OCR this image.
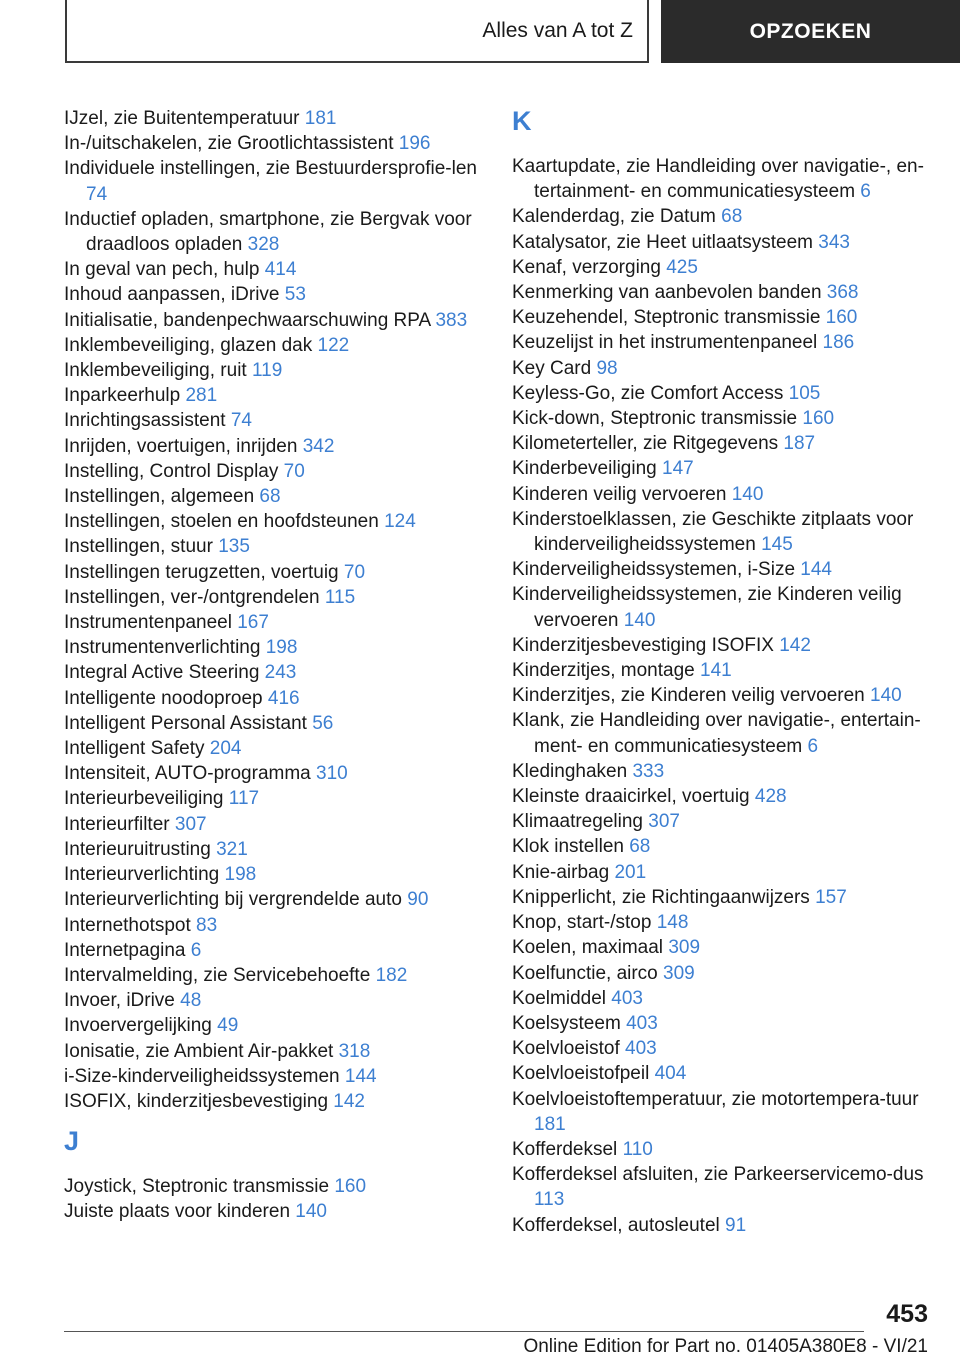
Alles van A tot Z	OPZOEKEN
IJzel, zie Buitentemperatuur 181
In-/uitschakelen, zie Grootlichtassistent 196
Individuele instellingen, zie Bestuurdersprofie-len 74
Inductief opladen, smartphone, zie Bergvak voor draadloos opladen 328
In geval van pech, hulp 414
Inhoud aanpassen, iDrive 53
Initialisatie, bandenpechwaarschuwing RPA 383
Inklembeveiliging, glazen dak 122
Inklembeveiliging, ruit 119
Inparkeerhulp 281
Inrichtingsassistent 74
Inrijden, voertuigen, inrijden 342
Instelling, Control Display 70
Instellingen, algemeen 68
Instellingen, stoelen en hoofdsteunen 124
Instellingen, stuur 135
Instellingen terugzetten, voertuig 70
Instellingen, ver-/ontgrendelen 115
Instrumentenpaneel 167
Instrumentenverlichting 198
Integral Active Steering 243
Intelligente noodoproep 416
Intelligent Personal Assistant 56
Intelligent Safety 204
Intensiteit, AUTO-programma 310
Interieurbeveiliging 117
Interieurfilter 307
Interieuruitrusting 321
Interieurverlichting 198
Interieurverlichting bij vergrendelde auto 90
Internethotspot 83
Internetpagina 6
Intervalmelding, zie Servicebehoefte 182
Invoer, iDrive 48
Invoervergelijking 49
Ionisatie, zie Ambient Air-pakket 318
i-Size-kinderveiligheidssystemen 144
ISOFIX, kinderzitjesbevestiging 142
J
Joystick, Steptronic transmissie 160
Juiste plaats voor kinderen 140
K
Kaartupdate, zie Handleiding over navigatie-, en-tertainment- en communicatiesysteem 6
Kalenderdag, zie Datum 68
Katalysator, zie Heet uitlaatsysteem 343
Kenaf, verzorging 425
Kenmerking van aanbevolen banden 368
Keuzehendel, Steptronic transmissie 160
Keuzelijst in het instrumentenpaneel 186
Key Card 98
Keyless-Go, zie Comfort Access 105
Kick-down, Steptronic transmissie 160
Kilometerteller, zie Ritgegevens 187
Kinderbeveiliging 147
Kinderen veilig vervoeren 140
Kinderstoelklassen, zie Geschikte zitplaats voor kinderveiligheidssystemen 145
Kinderveiligheidssystemen, i-Size 144
Kinderveiligheidssystemen, zie Kinderen veilig vervoeren 140
Kinderzitjesbevestiging ISOFIX 142
Kinderzitjes, montage 141
Kinderzitjes, zie Kinderen veilig vervoeren 140
Klank, zie Handleiding over navigatie-, entertain-ment- en communicatiesysteem 6
Kledinghaken 333
Kleinste draaicirkel, voertuig 428
Klimaatregeling 307
Klok instellen 68
Knie-airbag 201
Knipperlicht, zie Richtingaanwijzers 157
Knop, start-/stop 148
Koelen, maximaal 309
Koelfunctie, airco 309
Koelmiddel 403
Koelsysteem 403
Koelvloeistof 403
Koelvloeistofpeil 404
Koelvloeistoftemperatuur, zie motortempera-tuur 181
Kofferdeksel 110
Kofferdeksel afsluiten, zie Parkeerservicemo-dus 113
Kofferdeksel, autosleutel 91
453
Online Edition for Part no. 01405A380E8 - VI/21
